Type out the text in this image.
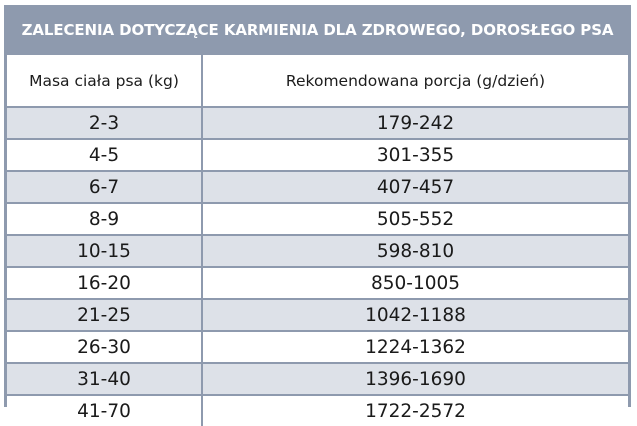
ZALECENIA DOTYCZĄCE KARMIENIA DLA ZDROWEGO, DOROSŁEGO PSA
Masa ciała psa (kg)	Rekomendowana porcja (g/dzień)
2-3	179-242
4-5	301-355
6-7	407-457
8-9	505-552
10-15	598-810
16-20	850-1005
21-25	1042-1188
26-30	1224-1362
31-40	1396-1690
41-70	1722-2572
